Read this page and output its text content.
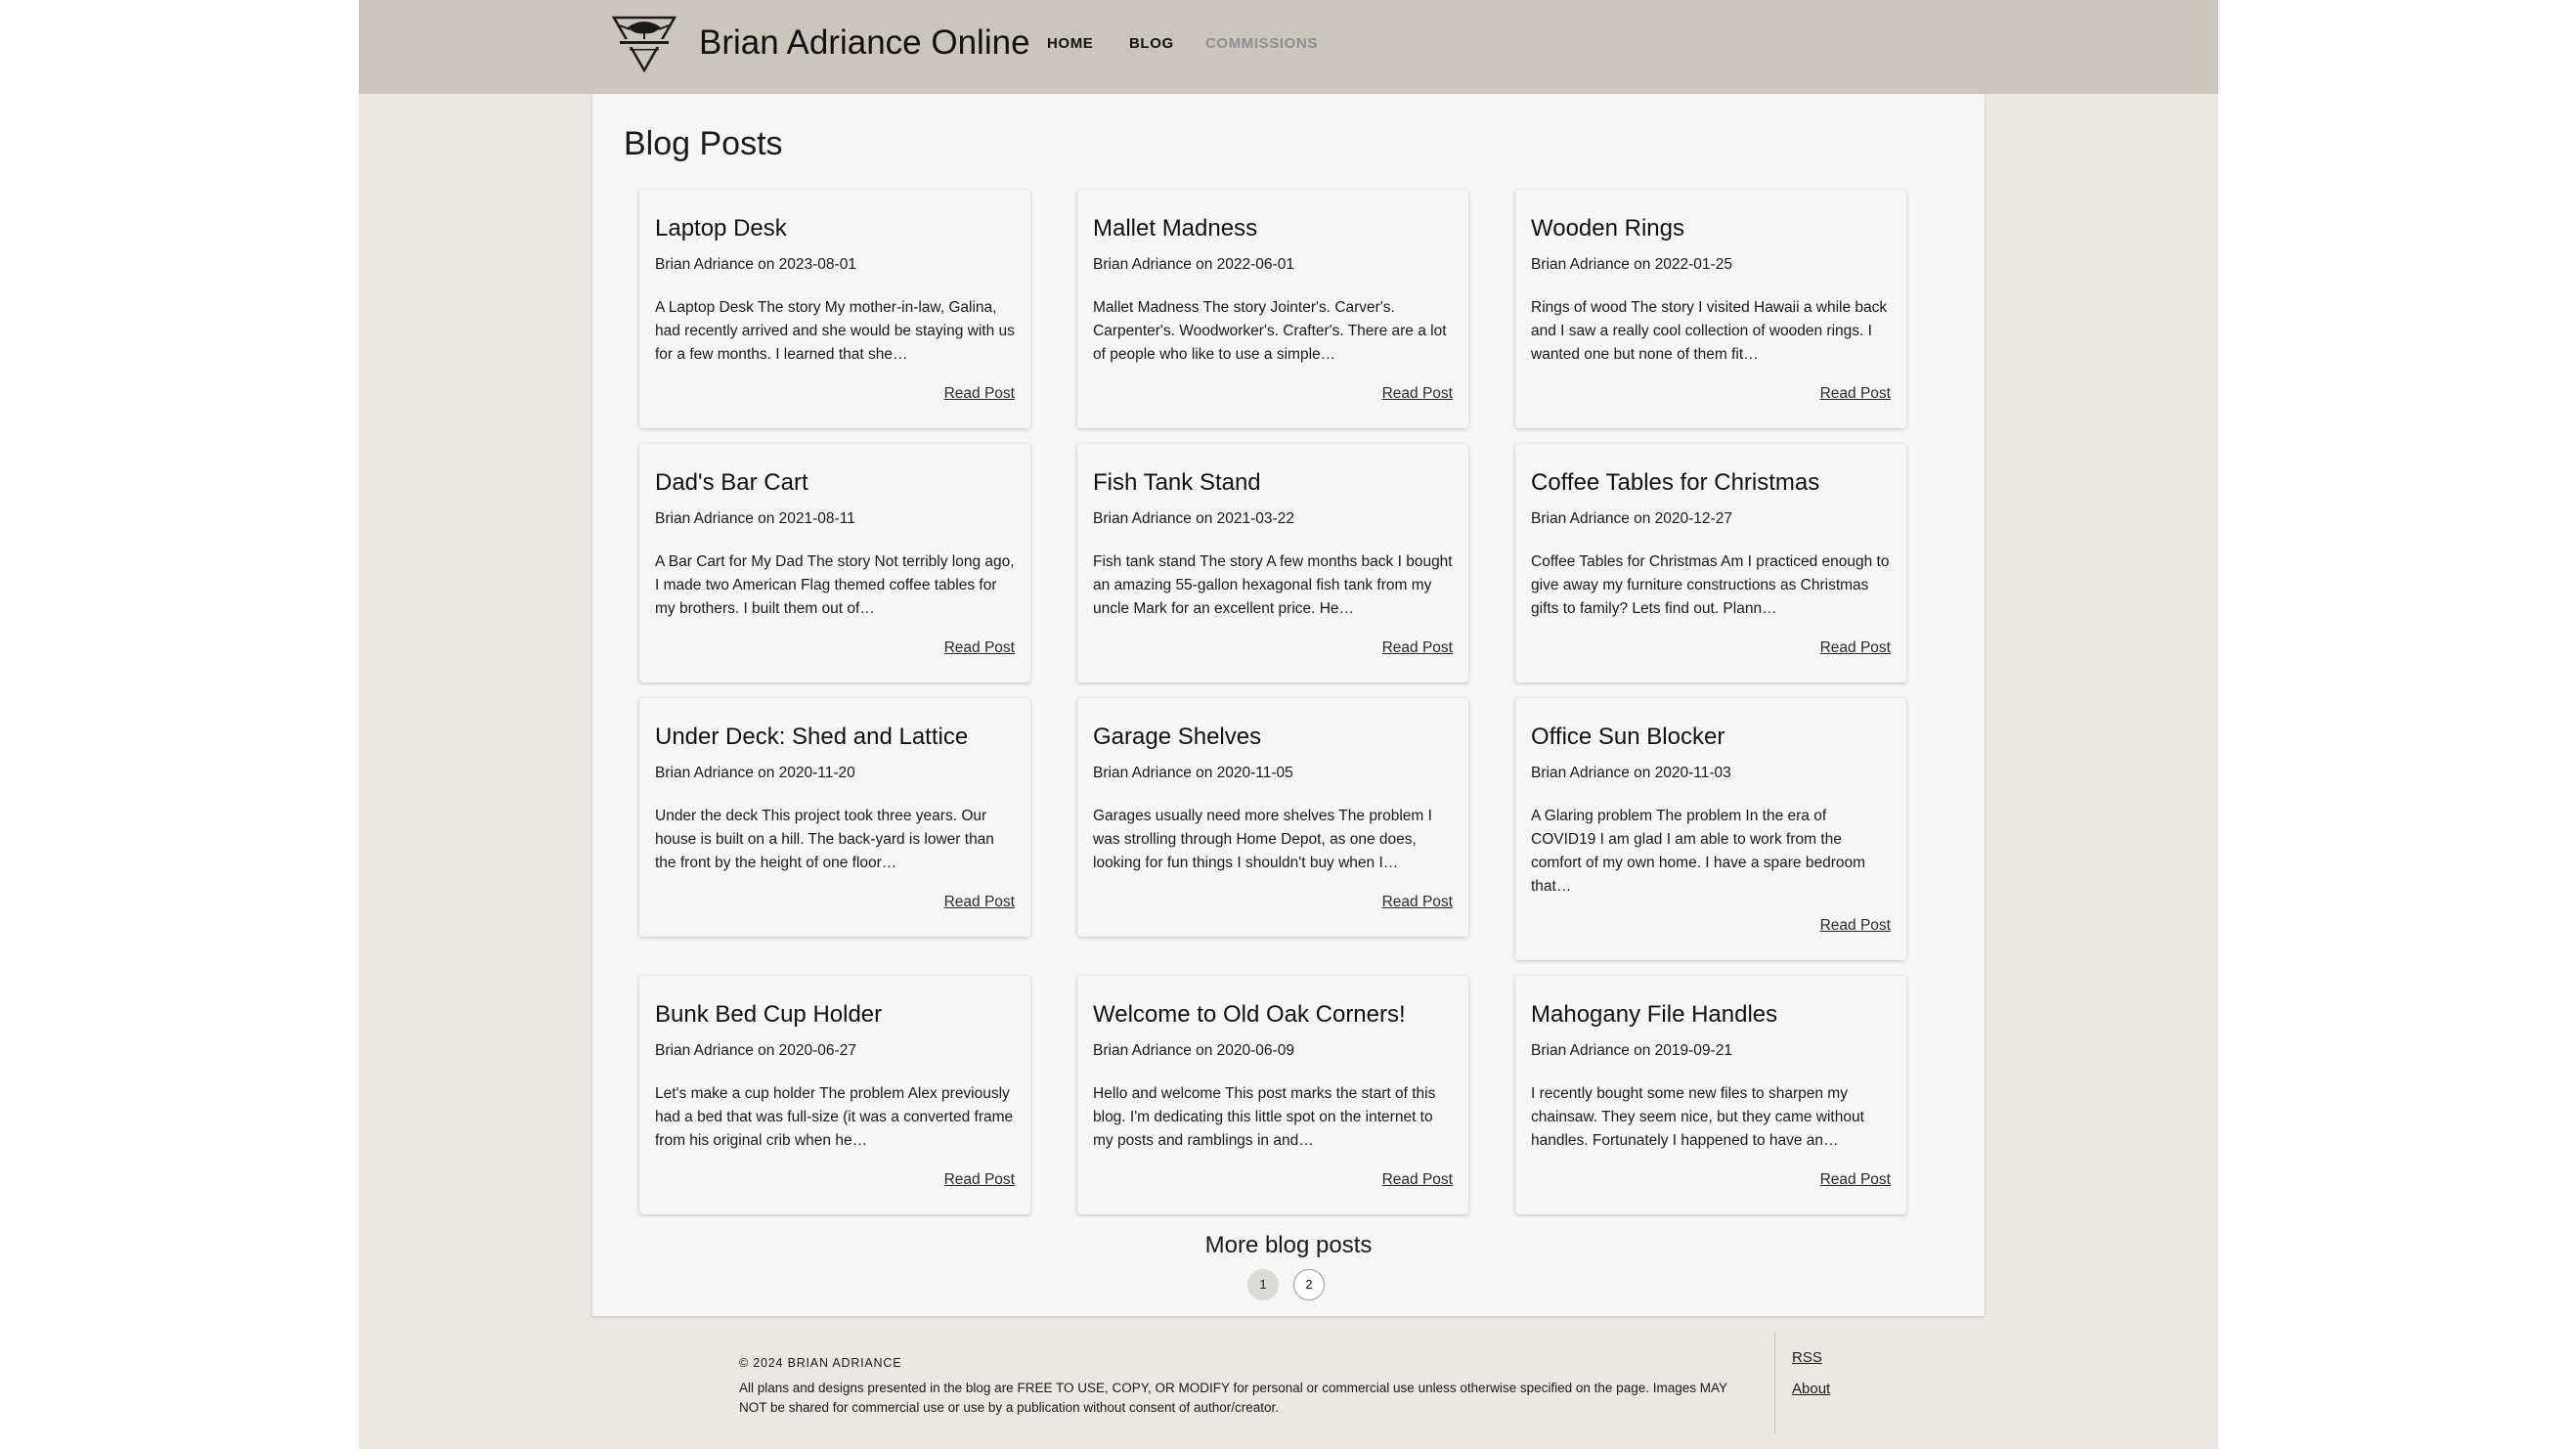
Brian Adriance Online HOME BLOG COMMISSIONS
Blog Posts
Laptop Desk
Brian Adriance on 2023-08-01
A Laptop Desk The story My mother-in-law, Galina, had recently arrived and she would be staying with us for a few months. I learned that she…
Read Post
Mallet Madness
Brian Adriance on 2022-06-01
Mallet Madness The story Jointer's. Carver's. Carpenter's. Woodworker's. Crafter's. There are a lot of people who like to use a simple…
Read Post
Wooden Rings
Brian Adriance on 2022-01-25
Rings of wood The story I visited Hawaii a while back and I saw a really cool collection of wooden rings. I wanted one but none of them fit…
Read Post
Dad's Bar Cart
Brian Adriance on 2021-08-11
A Bar Cart for My Dad The story Not terribly long ago, I made two American Flag themed coffee tables for my brothers. I built them out of…
Read Post
Fish Tank Stand
Brian Adriance on 2021-03-22
Fish tank stand The story A few months back I bought an amazing 55-gallon hexagonal fish tank from my uncle Mark for an excellent price. He…
Read Post
Coffee Tables for Christmas
Brian Adriance on 2020-12-27
Coffee Tables for Christmas Am I practiced enough to give away my furniture constructions as Christmas gifts to family? Lets find out. Plann…
Read Post
Under Deck: Shed and Lattice
Brian Adriance on 2020-11-20
Under the deck This project took three years. Our house is built on a hill. The back-yard is lower than the front by the height of one floor…
Read Post
Garage Shelves
Brian Adriance on 2020-11-05
Garages usually need more shelves The problem I was strolling through Home Depot, as one does, looking for fun things I shouldn't buy when I…
Read Post
Office Sun Blocker
Brian Adriance on 2020-11-03
A Glaring problem The problem In the era of COVID19 I am glad I am able to work from the comfort of my own home. I have a spare bedroom that…
Read Post
Bunk Bed Cup Holder
Brian Adriance on 2020-06-27
Let's make a cup holder The problem Alex previously had a bed that was full-size (it was a converted frame from his original crib when he…
Read Post
Welcome to Old Oak Corners!
Brian Adriance on 2020-06-09
Hello and welcome This post marks the start of this blog. I'm dedicating this little spot on the internet to my posts and ramblings in and…
Read Post
Mahogany File Handles
Brian Adriance on 2019-09-21
I recently bought some new files to sharpen my chainsaw. They seem nice, but they came without handles. Fortunately I happened to have an…
Read Post
More blog posts
1	2
© 2024 BRIAN ADRIANCE
All plans and designs presented in the blog are FREE TO USE, COPY, OR MODIFY for personal or commercial use unless otherwise specified on the page. Images MAY NOT be shared for commercial use or use by a publication without consent of author/creator.
RSS
About
